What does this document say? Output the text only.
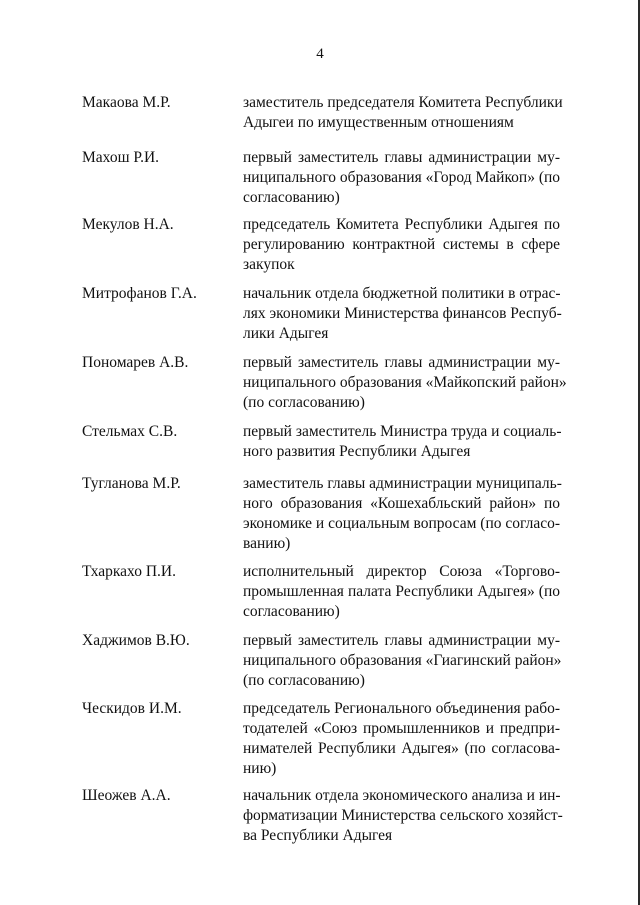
4
Макаова М.Р.	заместитель председателя Комитета Республики
Адыгеи по имущественным отношениям
Махош Р.И.	первый заместитель главы администрации му-
ниципального образования «Город Майкоп» (по
согласованию)
Мекулов Н.А.	председатель Комитета Республики Адыгея по
регулированию контрактной системы в сфере
закупок
Митрофанов Г.А.	начальник отдела бюджетной политики в отрас-
лях экономики Министерства финансов Респуб-
лики Адыгея
Пономарев А.В.	первый заместитель главы администрации му-
ниципального образования «Майкопский район»
(по согласованию)
Стельмах С.В.	первый заместитель Министра труда и социаль-
ного развития Республики Адыгея
Тугланова М.Р.	заместитель главы администрации муниципаль-
ного образования «Кошехабльский район» по
экономике и социальным вопросам (по согласо-
ванию)
Тхаркахо П.И.	исполнительный директор Союза «Торгово-
промышленная палата Республики Адыгея» (по
согласованию)
Хаджимов В.Ю.	первый заместитель главы администрации му-
ниципального образования «Гиагинский район»
(по согласованию)
Ческидов И.М.	председатель Регионального объединения рабо-
тодателей «Союз промышленников и предпри-
нимателей Республики Адыгея» (по согласова-
нию)
Шеожев А.А.	начальник отдела экономического анализа и ин-
форматизации Министерства сельского хозяйст-
ва Республики Адыгея
